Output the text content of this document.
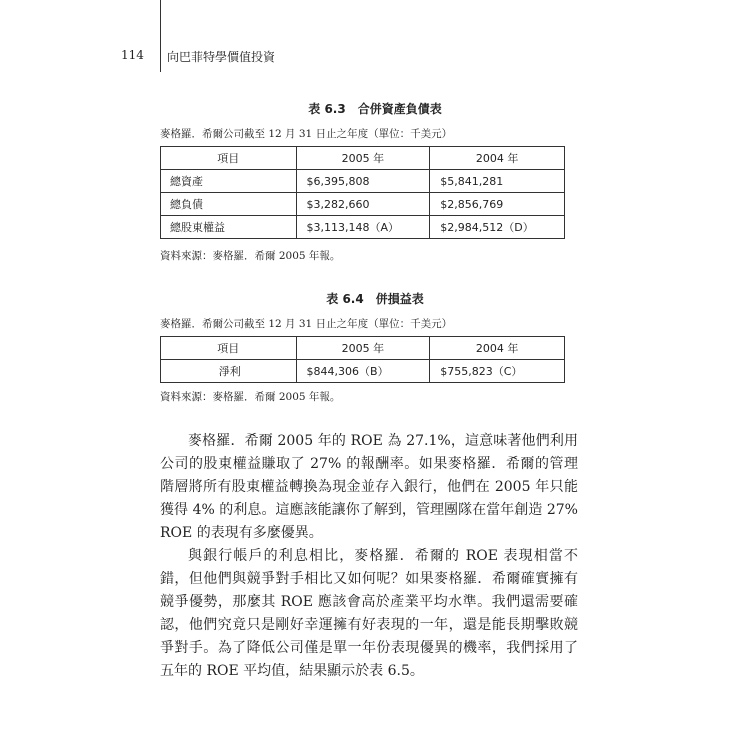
114 向巴菲特學價值投資
表 6.3　合併資產負債表
麥格羅．希爾公司截至 12 月 31 日止之年度（單位：千美元）
項目	2005 年	2004 年
總資產	$6,395,808	$5,841,281
總負債	$3,282,660	$2,856,769
總股東權益	$3,113,148（A）	$2,984,512（D）
資料來源：麥格羅．希爾 2005 年報。
表 6.4　併損益表
麥格羅．希爾公司截至 12 月 31 日止之年度（單位：千美元）
項目	2005 年	2004 年
淨利	$844,306（B）	$755,823（C）
資料來源：麥格羅．希爾 2005 年報。

麥格羅．希爾 2005 年的 ROE 為 27.1%，這意味著他們利用公司的股東權益賺取了 27% 的報酬率。如果麥格羅．希爾的管理階層將所有股東權益轉換為現金並存入銀行，他們在 2005 年只能獲得 4% 的利息。這應該能讓你了解到，管理團隊在當年創造 27% ROE 的表現有多麼優異。

與銀行帳戶的利息相比，麥格羅．希爾的 ROE 表現相當不錯，但他們與競爭對手相比又如何呢？如果麥格羅．希爾確實擁有競爭優勢，那麼其 ROE 應該會高於產業平均水準。我們還需要確認，他們究竟只是剛好幸運擁有好表現的一年，還是能長期擊敗競爭對手。為了降低公司僅是單一年份表現優異的機率，我們採用了五年的 ROE 平均值，結果顯示於表 6.5。
